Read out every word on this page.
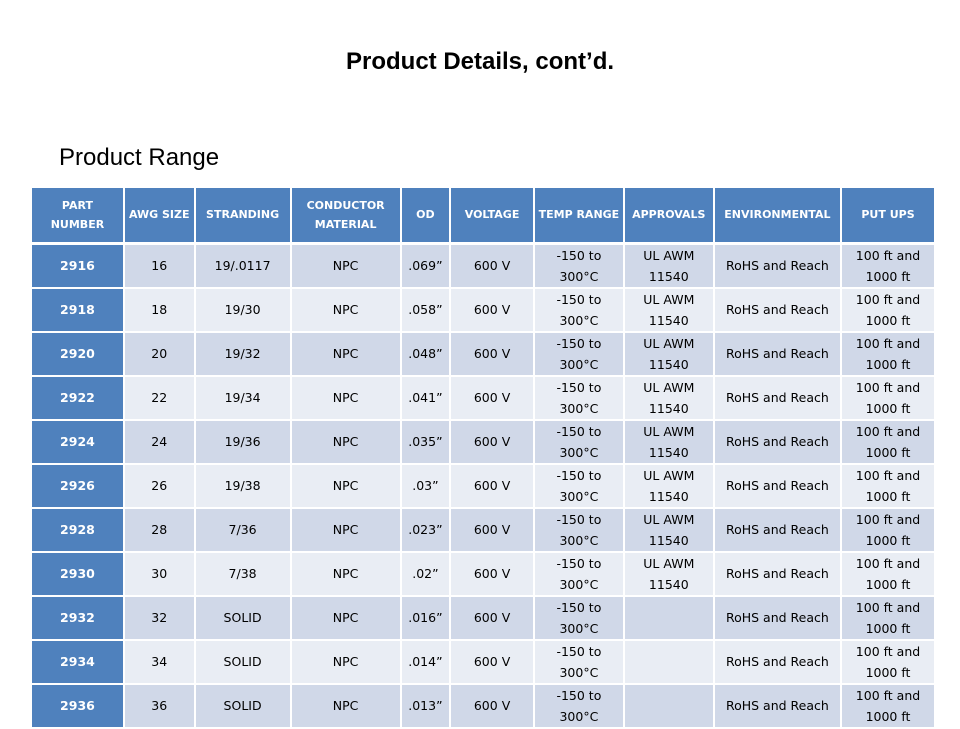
Product Details, cont’d.
Product Range
PART NUMBER	AWG SIZE	STRANDING	CONDUCTOR MATERIAL	OD	VOLTAGE	TEMP RANGE	APPROVALS	ENVIRONMENTAL	PUT UPS
2916	16	19/.0117	NPC	.069”	600 V	-150 to 300°C	UL AWM 11540	RoHS and Reach	100 ft and 1000 ft
2918	18	19/30	NPC	.058”	600 V	-150 to 300°C	UL AWM 11540	RoHS and Reach	100 ft and 1000 ft
2920	20	19/32	NPC	.048”	600 V	-150 to 300°C	UL AWM 11540	RoHS and Reach	100 ft and 1000 ft
2922	22	19/34	NPC	.041”	600 V	-150 to 300°C	UL AWM 11540	RoHS and Reach	100 ft and 1000 ft
2924	24	19/36	NPC	.035”	600 V	-150 to 300°C	UL AWM 11540	RoHS and Reach	100 ft and 1000 ft
2926	26	19/38	NPC	.03”	600 V	-150 to 300°C	UL AWM 11540	RoHS and Reach	100 ft and 1000 ft
2928	28	7/36	NPC	.023”	600 V	-150 to 300°C	UL AWM 11540	RoHS and Reach	100 ft and 1000 ft
2930	30	7/38	NPC	.02”	600 V	-150 to 300°C	UL AWM 11540	RoHS and Reach	100 ft and 1000 ft
2932	32	SOLID	NPC	.016”	600 V	-150 to 300°C		RoHS and Reach	100 ft and 1000 ft
2934	34	SOLID	NPC	.014”	600 V	-150 to 300°C		RoHS and Reach	100 ft and 1000 ft
2936	36	SOLID	NPC	.013”	600 V	-150 to 300°C		RoHS and Reach	100 ft and 1000 ft
